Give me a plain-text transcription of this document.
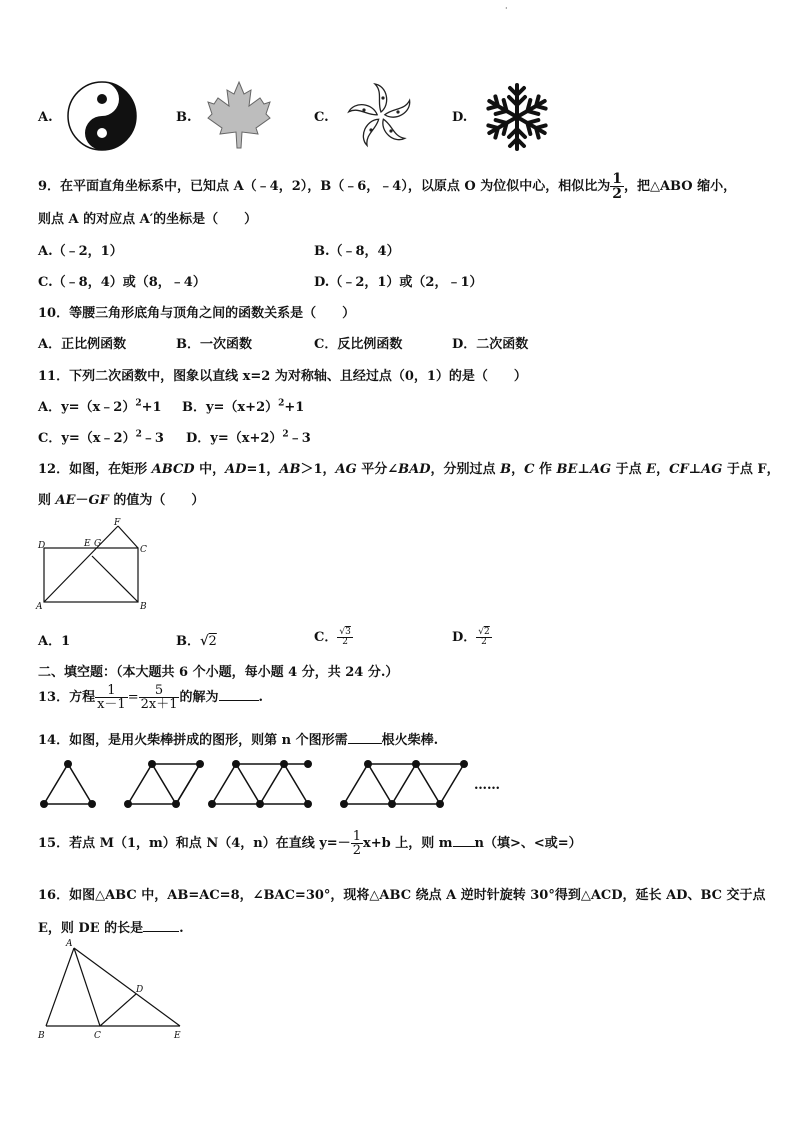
·
A.	B.	C.	D.
9．在平面直角坐标系中，已知点 A（﹣4，2），B（﹣6，﹣4），以原点 O 为位似中心，相似比为 $\frac{1}{2}$ ，把△ABO 缩小，
则点 A 的对应点 A′的坐标是（　　）
A.（﹣2，1）	B.（﹣8，4）
C.（﹣8，4）或（8，﹣4）	D.（﹣2，1）或（2，﹣1）
10．等腰三角形底角与顶角之间的函数关系是（　　）
A．正比例函数	B．一次函数	C．反比例函数	D．二次函数
11．下列二次函数中，图象以直线 x=2 为对称轴、且经过点（0，1）的是（　　）
A．y=（x﹣2）$^2$+1 B．$y=(x+2)^2+1$
C．y=（x﹣2）$^2$﹣3 D．$y=(x+2)^2﹣3$
12．如图，在矩形 ABCD 中，AD=1，AB＞1，AG 平分∠BAD，分别过点 B，C 作 BE⊥AG 于点 E，CF⊥AG 于点 F，
则 AE－GF 的值为（　　）
A	B
C
D	E
F
G
A．1	B．√2	C． $\frac{√3}{2}$	D． $\frac{√2}{2}$
二、填空题：（本大题共 6 个小题，每小题 4 分，共 24 分.）
13．方程 $\frac{1}{x-1} = \frac{5}{2x+1}$ 的解为	.
14．如图，是用火柴棒拼成的图形，则第 n 个图形需	根火柴棒.
……
15．若点 M（1，m）和点 N（4，n）在直线 $y=- \frac{1}{2} x+b$ 上，则 m n（填>、<或=）
16．如图△ABC 中，AB=AC=8，∠BAC=30°，现将△ABC 绕点 A 逆时针旋转 30°得到△ACD，延长 AD、BC 交于点
E，则 DE 的长是	.
A
B	C
D
E
